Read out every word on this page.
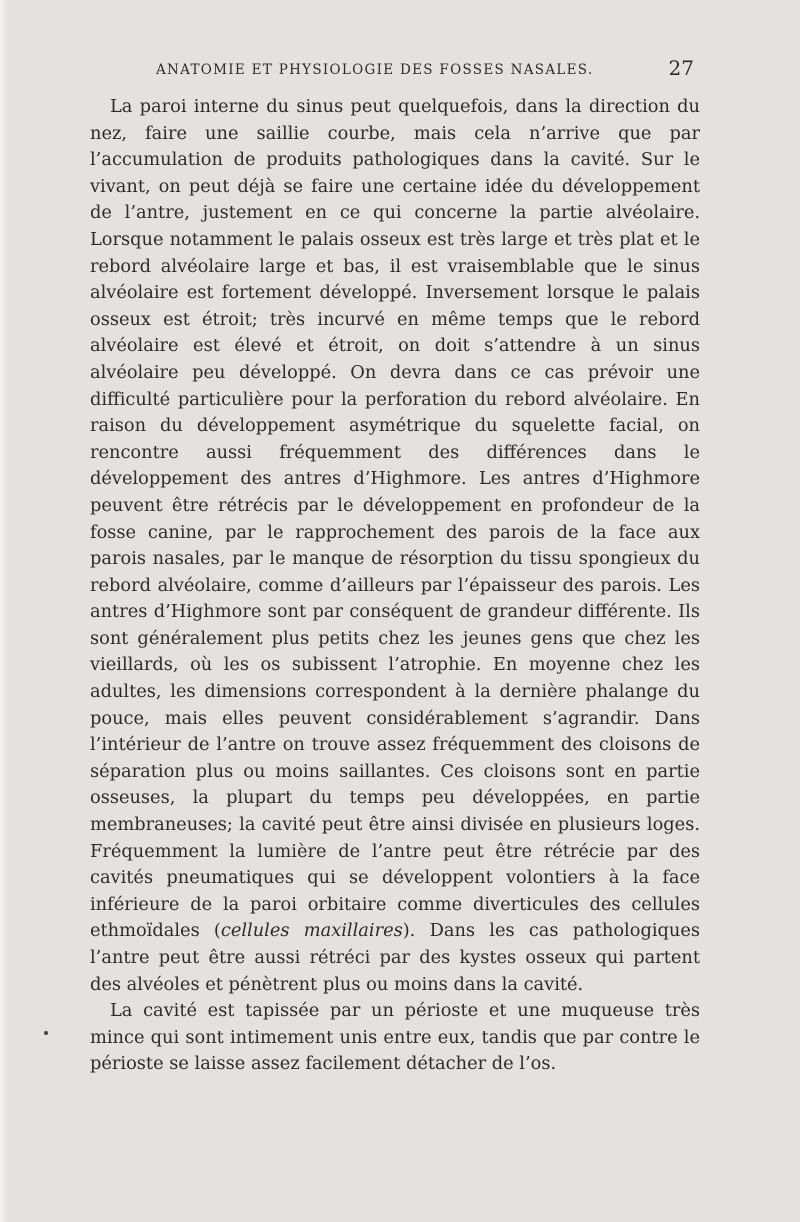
ANATOMIE ET PHYSIOLOGIE DES FOSSES NASALES.	27

La paroi interne du sinus peut quelquefois, dans la direction du nez, faire une saillie courbe, mais cela n’arrive que par l’accumulation de produits pathologiques dans la cavité. Sur le vivant, on peut déjà se faire une certaine idée du développement de l’antre, justement en ce qui concerne la partie alvéolaire. Lorsque notamment le palais osseux est très large et très plat et le rebord alvéolaire large et bas, il est vraisemblable que le sinus alvéolaire est fortement développé. Inversement lorsque le palais osseux est étroit; très incurvé en même temps que le rebord alvéolaire est élevé et étroit, on doit s’attendre à un sinus alvéolaire peu développé. On devra dans ce cas prévoir une difficulté particulière pour la perforation du rebord alvéolaire. En raison du développement asymétrique du squelette facial, on rencontre aussi fréquemment des différences dans le développement des antres d’Highmore. Les antres d’Highmore peuvent être rétrécis par le développement en profondeur de la fosse canine, par le rapprochement des parois de la face aux parois nasales, par le manque de résorption du tissu spongieux du rebord alvéolaire, comme d’ailleurs par l’épaisseur des parois. Les antres d’Highmore sont par conséquent de grandeur différente. Ils sont généralement plus petits chez les jeunes gens que chez les vieillards, où les os subissent l’atrophie. En moyenne chez les adultes, les dimensions correspondent à la dernière phalange du pouce, mais elles peuvent considérablement s’agrandir. Dans l’intérieur de l’antre on trouve assez fréquemment des cloisons de séparation plus ou moins saillantes. Ces cloisons sont en partie osseuses, la plupart du temps peu développées, en partie membraneuses; la cavité peut être ainsi divisée en plusieurs loges. Fréquemment la lumière de l’antre peut être rétrécie par des cavités pneumatiques qui se développent volontiers à la face inférieure de la paroi orbitaire comme diverticules des cellules ethmoïdales (cellules maxillaires). Dans les cas pathologiques l’antre peut être aussi rétréci par des kystes osseux qui partent des alvéoles et pénètrent plus ou moins dans la cavité.

La cavité est tapissée par un périoste et une muqueuse très mince qui sont intimement unis entre eux, tandis que par contre le périoste se laisse assez facilement détacher de l’os.
